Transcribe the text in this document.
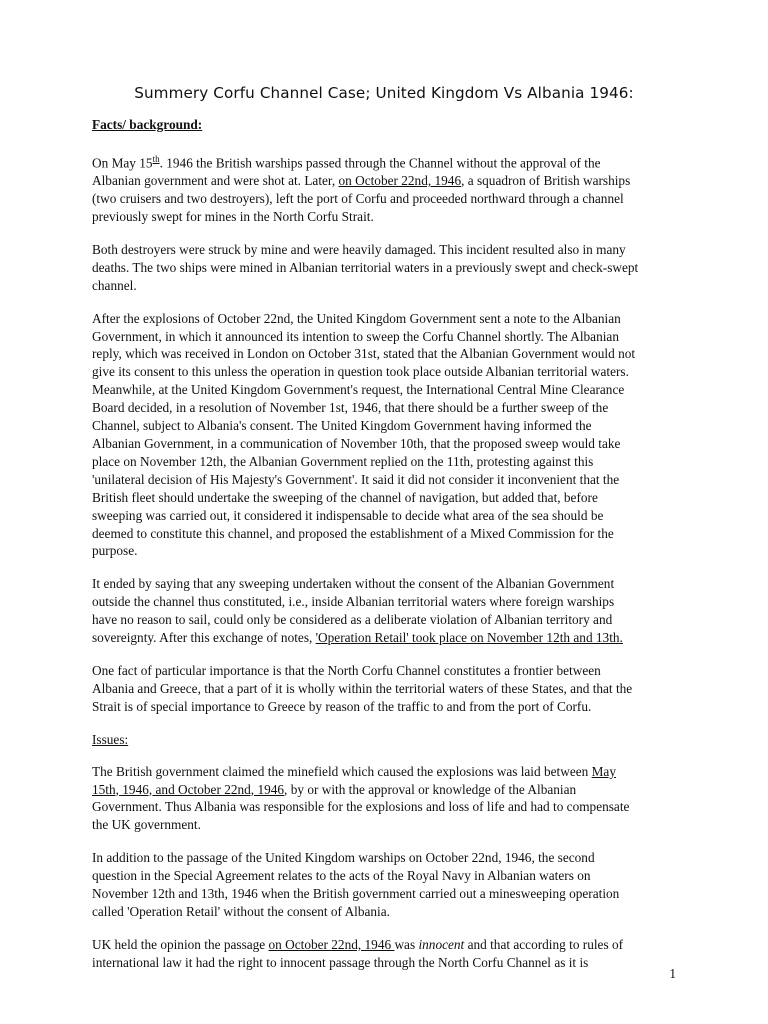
Summery Corfu Channel Case; United Kingdom Vs Albania 1946:
Facts/ background:
On May 15th. 1946 the British warships passed through the Channel without the approval of the
Albanian government and were shot at. Later, on October 22nd, 1946, a squadron of British warships
(two cruisers and two destroyers), left the port of Corfu and proceeded northward through a channel
previously swept for mines in the North Corfu Strait.
Both destroyers were struck by mine and were heavily damaged. This incident resulted also in many
deaths. The two ships were mined in Albanian territorial waters in a previously swept and check-swept
channel.
After the explosions of October 22nd, the United Kingdom Government sent a note to the Albanian
Government, in which it announced its intention to sweep the Corfu Channel shortly. The Albanian
reply, which was received in London on October 31st, stated that the Albanian Government would not
give its consent to this unless the operation in question took place outside Albanian territorial waters.
Meanwhile, at the United Kingdom Government's request, the International Central Mine Clearance
Board decided, in a resolution of November 1st, 1946, that there should be a further sweep of the
Channel, subject to Albania's consent. The United Kingdom Government having informed the
Albanian Government, in a communication of November 10th, that the proposed sweep would take
place on November 12th, the Albanian Government replied on the 11th, protesting against this
'unilateral decision of His Majesty's Government'. It said it did not consider it inconvenient that the
British fleet should undertake the sweeping of the channel of navigation, but added that, before
sweeping was carried out, it considered it indispensable to decide what area of the sea should be
deemed to constitute this channel, and proposed the establishment of a Mixed Commission for the
purpose.
It ended by saying that any sweeping undertaken without the consent of the Albanian Government
outside the channel thus constituted, i.e., inside Albanian territorial waters where foreign warships
have no reason to sail, could only be considered as a deliberate violation of Albanian territory and
sovereignty. After this exchange of notes, 'Operation Retail' took place on November 12th and 13th.
One fact of particular importance is that the North Corfu Channel constitutes a frontier between
Albania and Greece, that a part of it is wholly within the territorial waters of these States, and that the
Strait is of special importance to Greece by reason of the traffic to and from the port of Corfu.
Issues:
The British government claimed the minefield which caused the explosions was laid between May
15th, 1946, and October 22nd, 1946, by or with the approval or knowledge of the Albanian
Government. Thus Albania was responsible for the explosions and loss of life and had to compensate
the UK government.
In addition to the passage of the United Kingdom warships on October 22nd, 1946, the second
question in the Special Agreement relates to the acts of the Royal Navy in Albanian waters on
November 12th and 13th, 1946 when the British government carried out a minesweeping operation
called 'Operation Retail' without the consent of Albania.
UK held the opinion the passage on October 22nd, 1946 was innocent and that according to rules of
international law it had the right to innocent passage through the North Corfu Channel as it is
1
